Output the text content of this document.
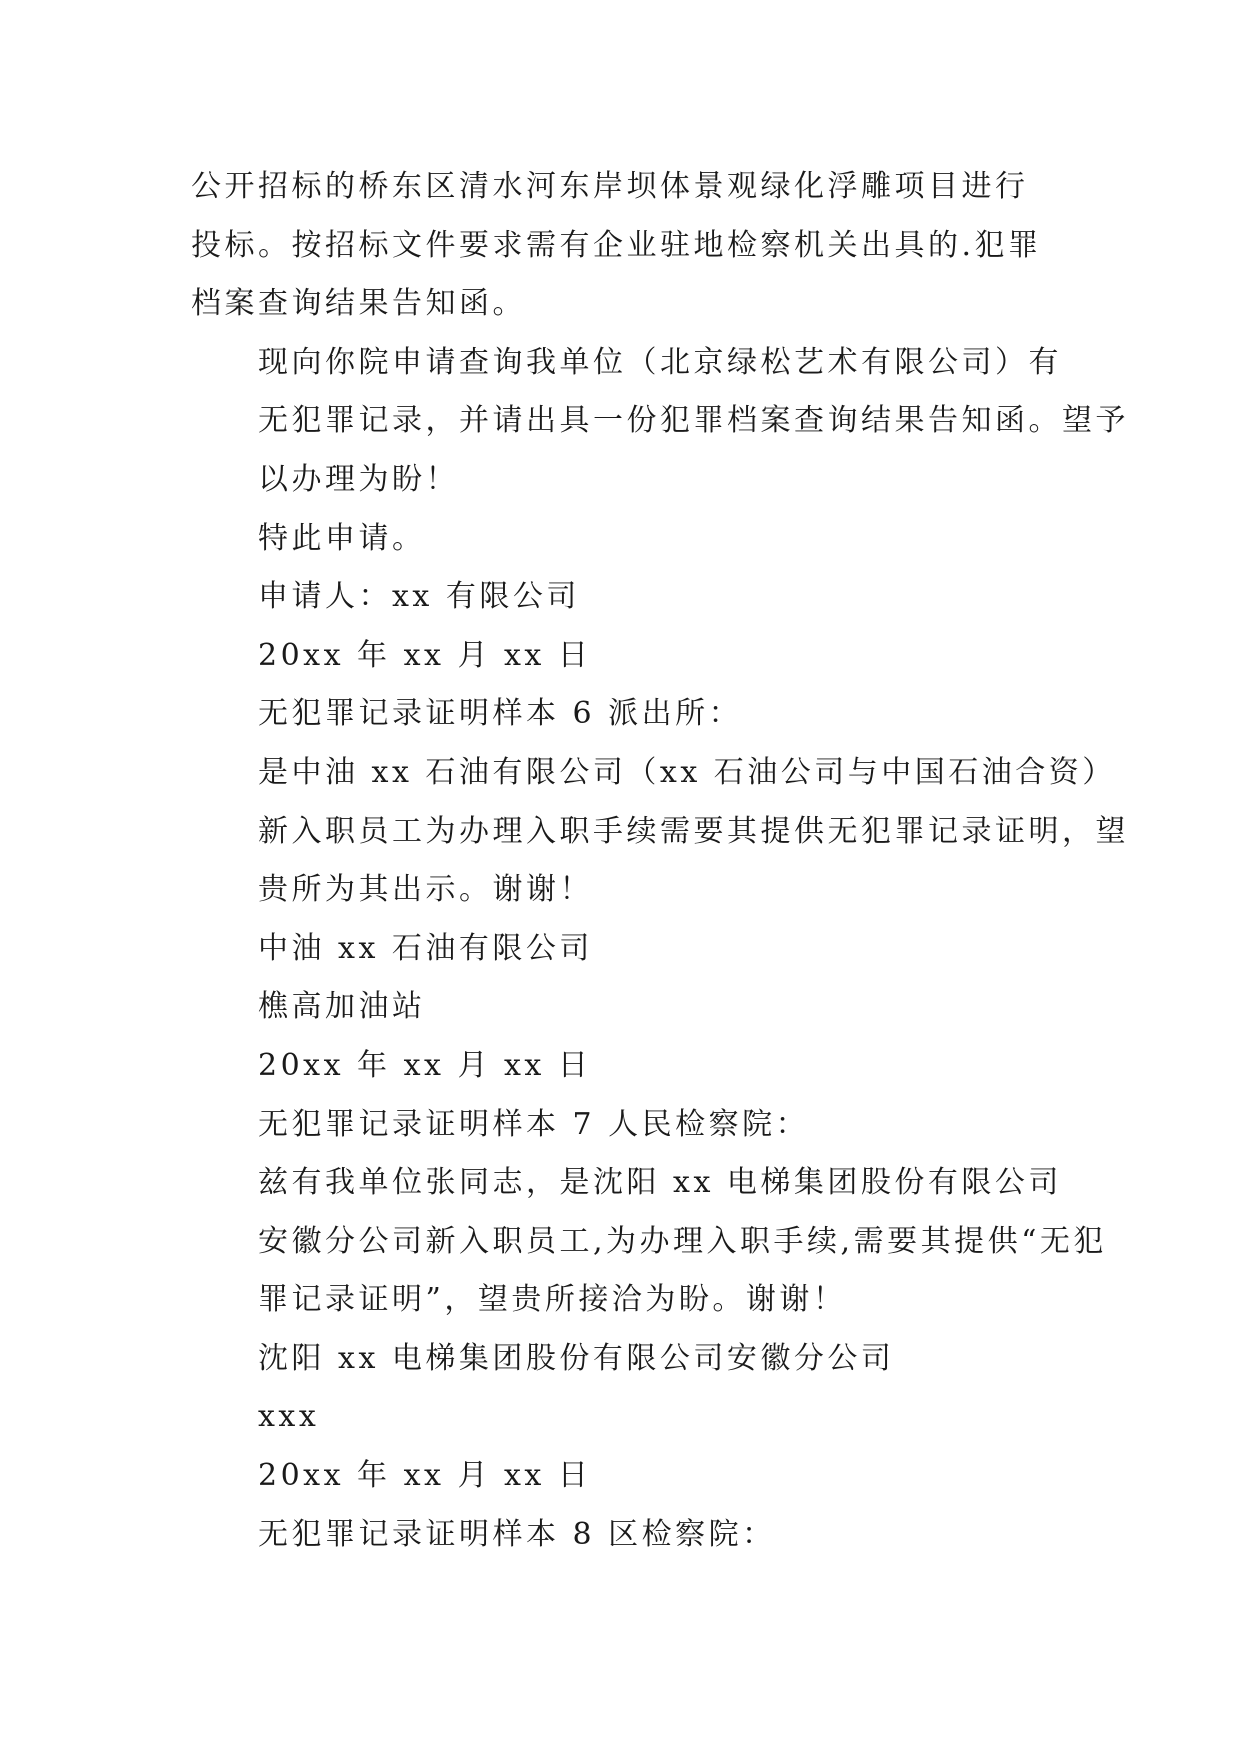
公开招标的桥东区清水河东岸坝体景观绿化浮雕项目进行
投标。按招标文件要求需有企业驻地检察机关出具的.犯罪
档案查询结果告知函。

现向你院申请查询我单位（北京绿松艺术有限公司）有
无犯罪记录，并请出具一份犯罪档案查询结果告知函。望予
以办理为盼！

特此申请。

申请人：xx 有限公司

20xx 年 xx 月 xx 日

无犯罪记录证明样本 6 派出所：

是中油 xx 石油有限公司（xx 石油公司与中国石油合资）
新入职员工为办理入职手续需要其提供无犯罪记录证明，望
贵所为其出示。谢谢！

中油 xx 石油有限公司

樵高加油站

20xx 年 xx 月 xx 日

无犯罪记录证明样本 7 人民检察院：

兹有我单位张同志，是沈阳 xx 电梯集团股份有限公司
安徽分公司新入职员工,为办理入职手续,需要其提供“无犯
罪记录证明”，望贵所接洽为盼。谢谢！

沈阳 xx 电梯集团股份有限公司安徽分公司

xxx

20xx 年 xx 月 xx 日

无犯罪记录证明样本 8 区检察院：
